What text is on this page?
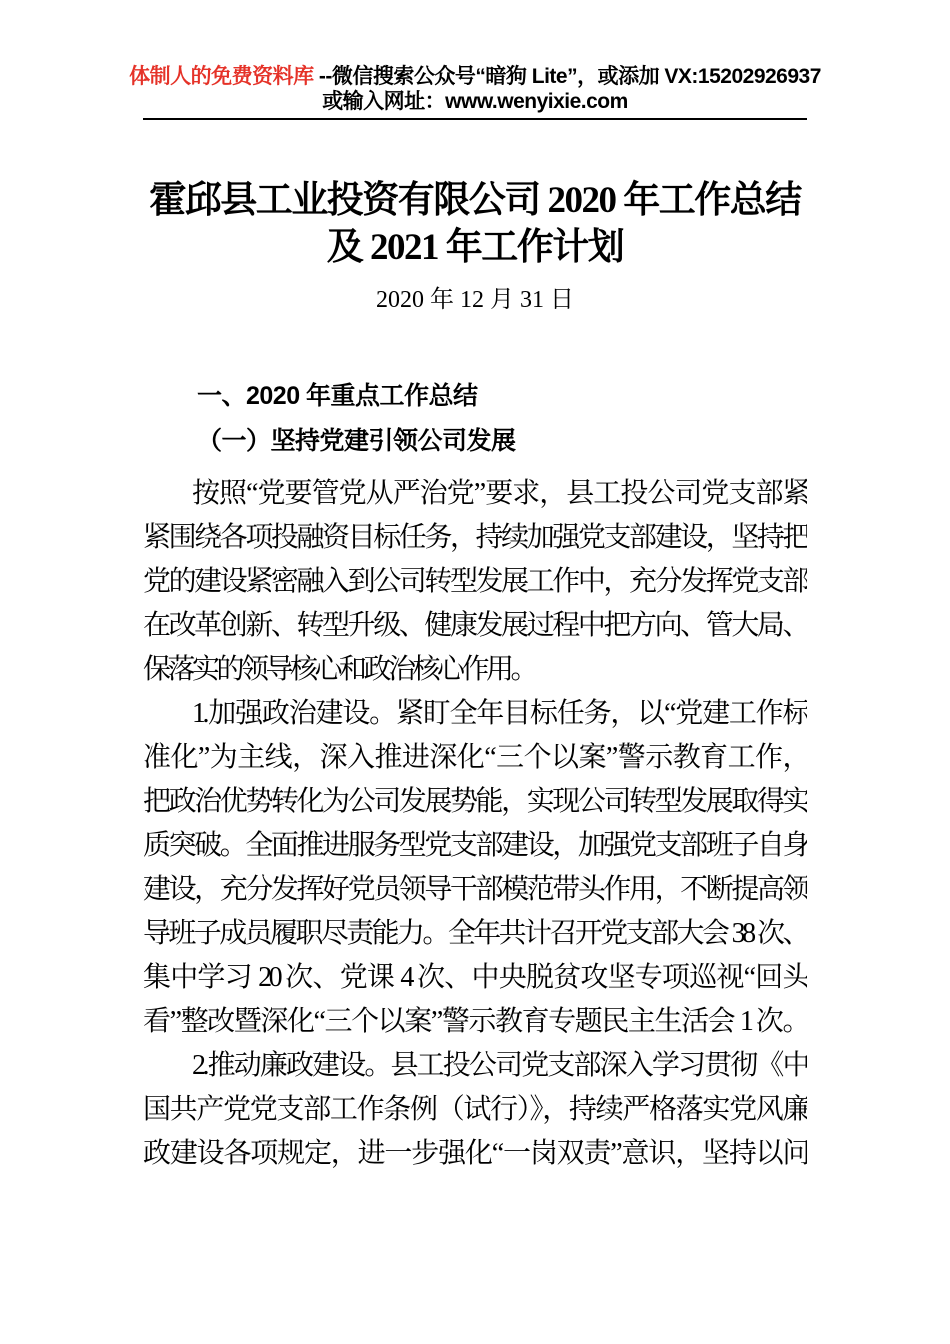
体制人的免费资料库 --微信搜索公众号“暗狗 Lite”，或添加 VX:15202926937
或输入网址：www.wenyixie.com
霍邱县工业投资有限公司 2020 年工作总结
及 2021 年工作计划
2020 年 12 月 31 日
一、2020 年重点工作总结
（一）坚持党建引领公司发展
按照“党要管党从严治党”要求，县工投公司党支部紧
紧围绕各项投融资目标任务，持续加强党支部建设，坚持把
党的建设紧密融入到公司转型发展工作中，充分发挥党支部
在改革创新、转型升级、健康发展过程中把方向、管大局、
保落实的领导核心和政治核心作用。
1.加强政治建设。紧盯全年目标任务，以“党建工作标
准化”为主线，深入推进深化“三个以案”警示教育工作，
把政治优势转化为公司发展势能，实现公司转型发展取得实
质突破。全面推进服务型党支部建设，加强党支部班子自身
建设，充分发挥好党员领导干部模范带头作用，不断提高领
导班子成员履职尽责能力。全年共计召开党支部大会 38 次、
集中学习 20 次、党课 4 次、中央脱贫攻坚专项巡视“回头
看”整改暨深化“三个以案”警示教育专题民主生活会 1 次。
2.推动廉政建设。县工投公司党支部深入学习贯彻《中
国共产党党支部工作条例（试行）》，持续严格落实党风廉
政建设各项规定，进一步强化“一岗双责”意识，坚持以问
